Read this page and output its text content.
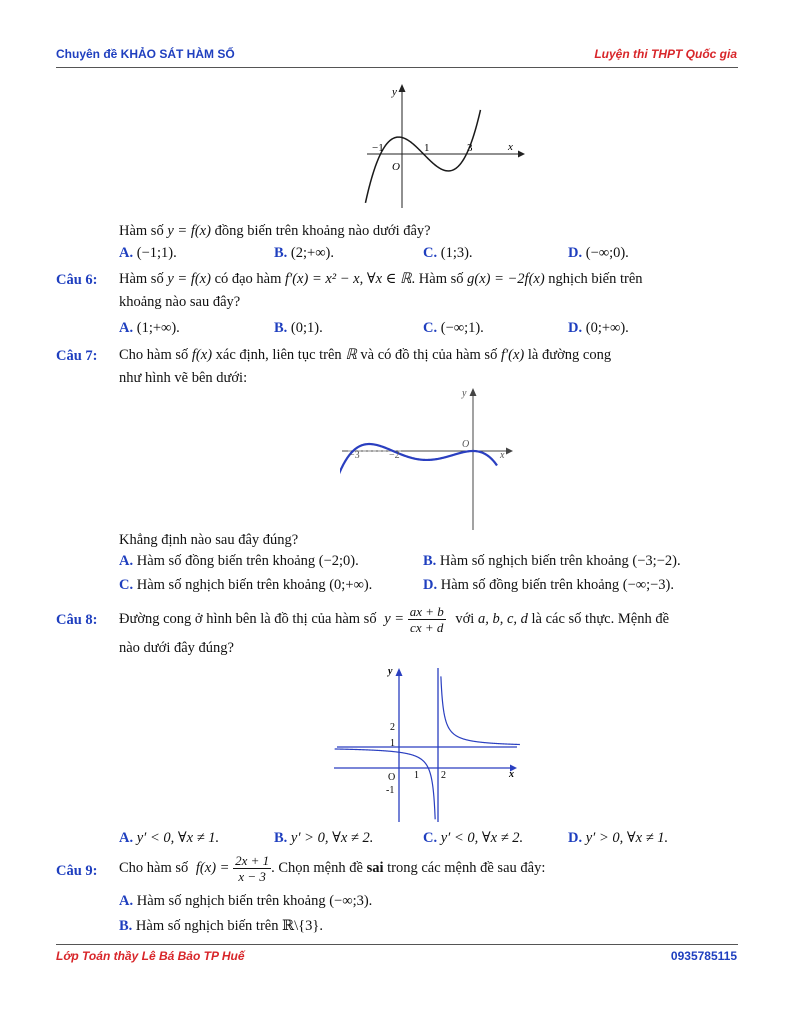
Chuyên đề KHẢO SÁT HÀM SỐ	Luyện thi THPT Quốc gia
y
x
−1	1	3
O
Hàm số y = f(x) đồng biến trên khoảng nào dưới đây?
A. (−1;1).	B. (2;+∞).	C. (1;3).	D. (−∞;0).
Câu 6: Hàm số y = f(x) có đạo hàm f′(x) = x² − x, ∀x ∈ ℝ. Hàm số g(x) = −2f(x) nghịch biến trên
khoảng nào sau đây?
A. (1;+∞).	B. (0;1).	C. (−∞;1).	D. (0;+∞).
Câu 7: Cho hàm số f(x) xác định, liên tục trên ℝ và có đồ thị của hàm số f′(x) là đường cong
như hình vẽ bên dưới:
y
x
−3	−2
O
Khẳng định nào sau đây đúng?
A. Hàm số đồng biến trên khoảng (−2;0).	B. Hàm số nghịch biến trên khoảng (−3;−2).
C. Hàm số nghịch biến trên khoảng (0;+∞).	D. Hàm số đồng biến trên khoảng (−∞;−3).
Câu 8: Đường cong ở hình bên là đồ thị của hàm số $y = \frac{ax + b}{cx + d}$ với a, b, c, d là các số thực. Mệnh đề
nào dưới đây đúng?
y
x
2
1
O 1 2
-1
A. y′ < 0, ∀x ≠ 1.	B. y′ > 0, ∀x ≠ 2.	C. y′ < 0, ∀x ≠ 2.	D. y′ > 0, ∀x ≠ 1.
Câu 9: Cho hàm số $f(x) = \frac{2x + 1}{x - 3}$ . Chọn mệnh đề sai trong các mệnh đề sau đây:
A. Hàm số nghịch biến trên khoảng (−∞;3).
B. Hàm số nghịch biến trên ℝ\{3}.
Lớp Toán thầy Lê Bá Bảo TP Huế	0935785115
